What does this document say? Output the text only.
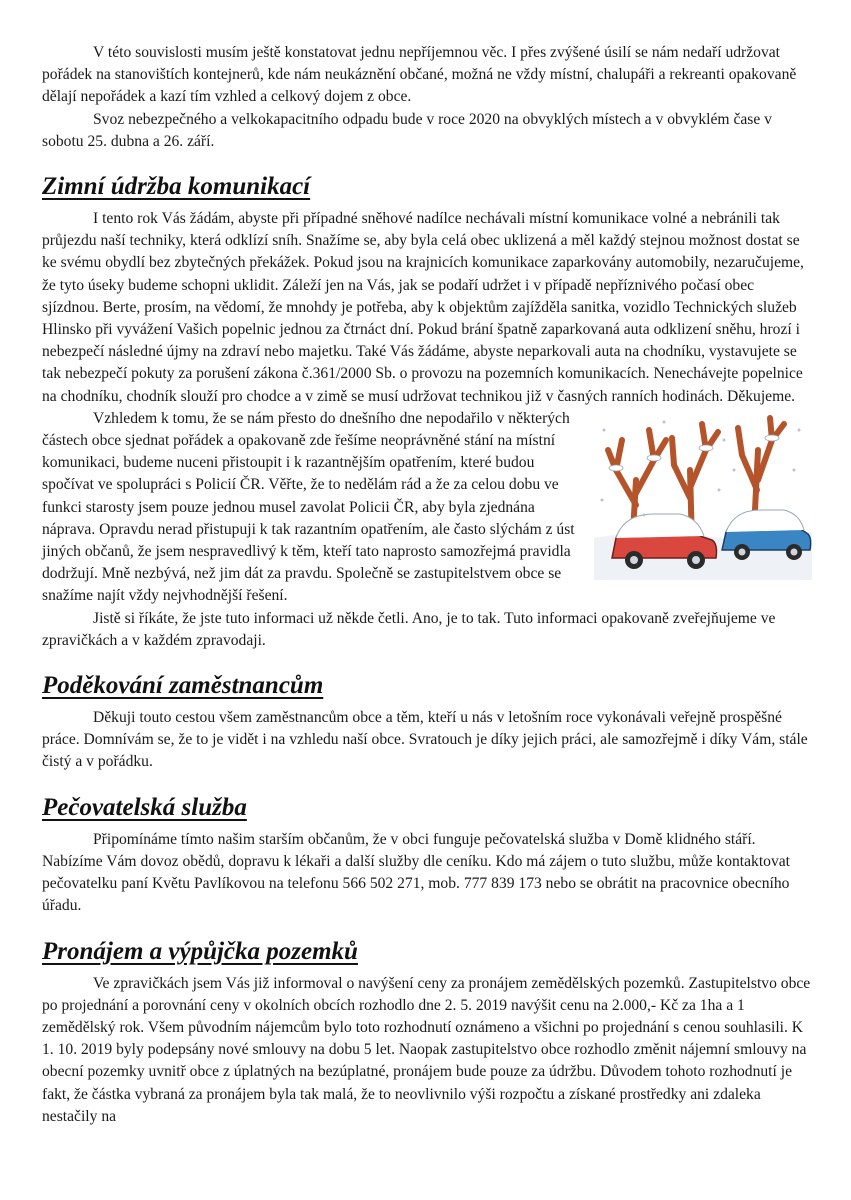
V této souvislosti musím ještě konstatovat jednu nepříjemnou věc. I přes zvýšené úsilí se nám nedaří udržovat pořádek na stanovištích kontejnerů, kde nám neukáznění občané, možná ne vždy místní, chalupáři a rekreanti opakovaně dělají nepořádek a kazí tím vzhled a celkový dojem z obce.

Svoz nebezpečného a velkokapacitního odpadu bude v roce 2020 na obvyklých místech a v obvyklém čase v sobotu 25. dubna a 26. září.

Zimní údržba komunikací

I tento rok Vás žádám, abyste při případné sněhové nadílce nechávali místní komunikace volné a nebránili tak průjezdu naší techniky, která odklízí sníh. Snažíme se, aby byla celá obec uklizená a měl každý stejnou možnost dostat se ke svému obydlí bez zbytečných překážek. Pokud jsou na krajnicích komunikace zaparkovány automobily, nezaručujeme, že tyto úseky budeme schopni uklidit. Záleží jen na Vás, jak se podaří udržet i v případě nepříznivého počasí obec sjízdnou. Berte, prosím, na vědomí, že mnohdy je potřeba, aby k objektům zajížděla sanitka, vozidlo Technických služeb Hlinsko při vyvážení Vašich popelnic jednou za čtrnáct dní. Pokud brání špatně zaparkovaná auta odklizení sněhu, hrozí i nebezpečí následné újmy na zdraví nebo majetku. Také Vás žádáme, abyste neparkovali auta na chodníku, vystavujete se tak nebezpečí pokuty za porušení zákona č.361/2000 Sb. o provozu na pozemních komunikacích. Nenechávejte popelnice na chodníku, chodník slouží pro chodce a v zimě se musí udržovat technikou již v časných ranních hodinách. Děkujeme.

Vzhledem k tomu, že se nám přesto do dnešního dne nepodařilo v některých částech obce sjednat pořádek a opakovaně zde řešíme neoprávněné stání na místní komunikaci, budeme nuceni přistoupit i k razantnějším opatřením, které budou spočívat ve spolupráci s Policií ČR. Věřte, že to nedělám rád a že za celou dobu ve funkci starosty jsem pouze jednou musel zavolat Policii ČR, aby byla zjednána náprava. Opravdu nerad přistupuji k tak razantním opatřením, ale často slýchám z úst jiných občanů, že jsem nespravedlivý k těm, kteří tato naprosto samozřejmá pravidla dodržují. Mně nezbývá, než jim dát za pravdu. Společně se zastupitelstvem obce se snažíme najít vždy nejvhodnější řešení.

Jistě si říkáte, že jste tuto informaci už někde četli. Ano, je to tak. Tuto informaci opakovaně zveřejňujeme ve zpravičkách a v každém zpravodaji.

Poděkování zaměstnancům

Děkuji touto cestou všem zaměstnancům obce a těm, kteří u nás v letošním roce vykonávali veřejně prospěšné práce. Domnívám se, že to je vidět i na vzhledu naší obce. Svratouch je díky jejich práci, ale samozřejmě i díky Vám, stále čistý a v pořádku.

Pečovatelská služba

Připomínáme tímto našim starším občanům, že v obci funguje pečovatelská služba v Domě klidného stáří. Nabízíme Vám dovoz obědů, dopravu k lékaři a další služby dle ceníku. Kdo má zájem o tuto službu, může kontaktovat pečovatelku paní Květu Pavlíkovou na telefonu 566 502 271, mob. 777 839 173 nebo se obrátit na pracovnice obecního úřadu.

Pronájem a výpůjčka pozemků

Ve zpravičkách jsem Vás již informoval o navýšení ceny za pronájem zemědělských pozemků. Zastupitelstvo obce po projednání a porovnání ceny v okolních obcích rozhodlo dne 2. 5. 2019 navýšit cenu na 2.000,- Kč za 1ha a 1 zemědělský rok. Všem původním nájemcům bylo toto rozhodnutí oznámeno a všichni po projednání s cenou souhlasili. K 1. 10. 2019 byly podepsány nové smlouvy na dobu 5 let. Naopak zastupitelstvo obce rozhodlo změnit nájemní smlouvy na obecní pozemky uvnitř obce z úplatných na bezúplatné, pronájem bude pouze za údržbu. Důvodem tohoto rozhodnutí je fakt, že částka vybraná za pronájem byla tak malá, že to neovlivnilo výši rozpočtu a získané prostředky ani zdaleka nestačily na
